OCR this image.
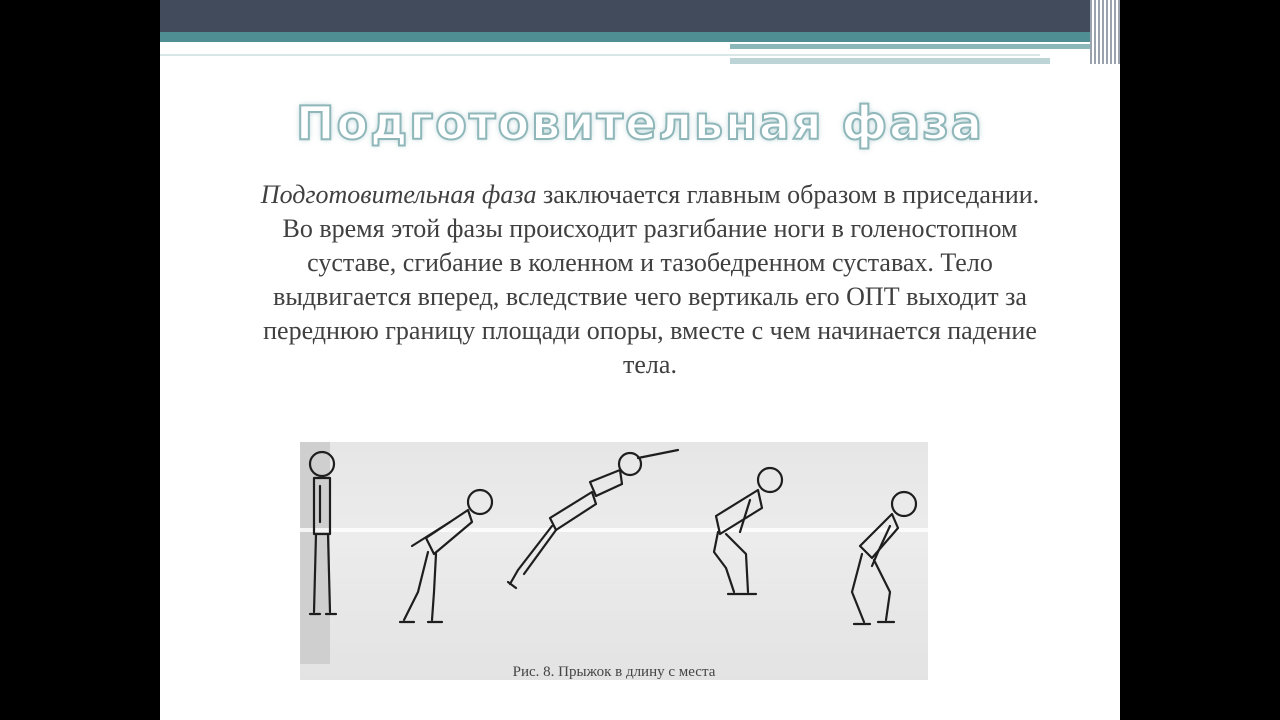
Подготовительная фаза

Подготовительная фаза заключается главным образом в приседании. Во время этой фазы происходит разгибание ноги в голеностопном суставе, сгибание в коленном и тазобедренном суставах. Тело выдвигается вперед, вследствие чего вертикаль его ОПТ выходит за переднюю границу площади опоры, вместе с чем начинается падение тела.

Рис. 8. Прыжок в длину с места
